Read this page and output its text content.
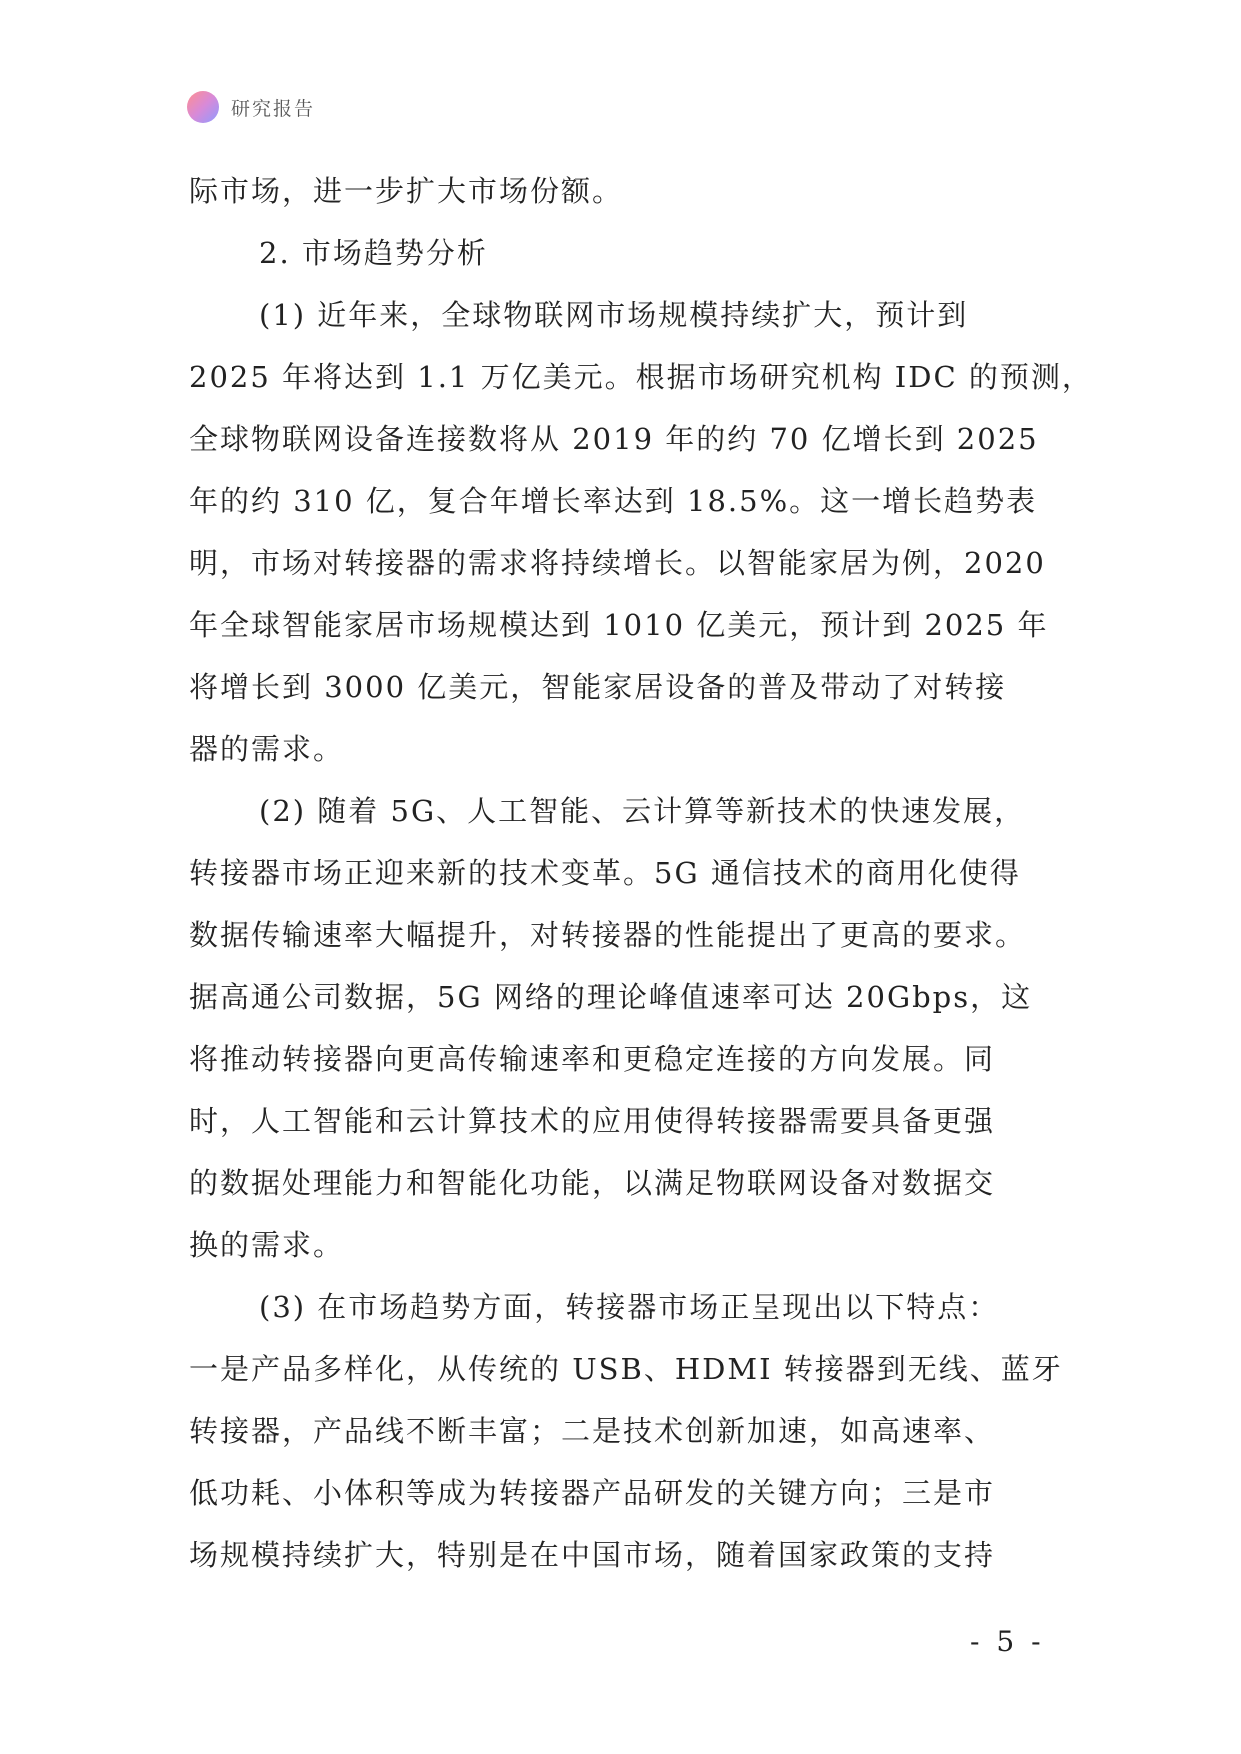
研究报告

际市场，进一步扩大市场份额。

2. 市场趋势分析

(1) 近年来，全球物联网市场规模持续扩大，预计到

2025 年将达到 1.1 万亿美元。根据市场研究机构 IDC 的预测，

全球物联网设备连接数将从 2019 年的约 70 亿增长到 2025

年的约 310 亿，复合年增长率达到 18.5%。这一增长趋势表

明，市场对转接器的需求将持续增长。以智能家居为例，2020

年全球智能家居市场规模达到 1010 亿美元，预计到 2025 年

将增长到 3000 亿美元，智能家居设备的普及带动了对转接

器的需求。

(2) 随着 5G、人工智能、云计算等新技术的快速发展，

转接器市场正迎来新的技术变革。5G 通信技术的商用化使得

数据传输速率大幅提升，对转接器的性能提出了更高的要求。

据高通公司数据，5G 网络的理论峰值速率可达 20Gbps，这

将推动转接器向更高传输速率和更稳定连接的方向发展。同

时，人工智能和云计算技术的应用使得转接器需要具备更强

的数据处理能力和智能化功能，以满足物联网设备对数据交

换的需求。

(3) 在市场趋势方面，转接器市场正呈现出以下特点：

一是产品多样化，从传统的 USB、HDMI 转接器到无线、蓝牙

转接器，产品线不断丰富；二是技术创新加速，如高速率、

低功耗、小体积等成为转接器产品研发的关键方向；三是市

场规模持续扩大，特别是在中国市场，随着国家政策的支持

- 5 -
